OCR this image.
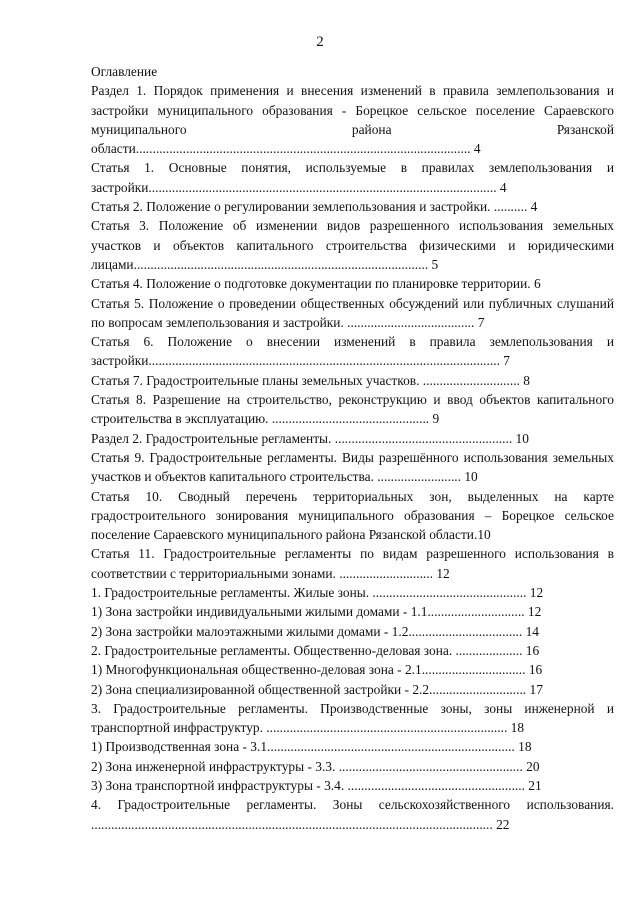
2

Оглавление

Раздел 1. Порядок применения и внесения изменений в правила землепользования и застройки муниципального образования - Борецкое сельское поселение Сараевского муниципального района Рязанской области.................................................................................................... 4

Статья 1. Основные понятия, используемые в правилах землепользования и застройки........................................................................................................ 4

Статья 2. Положение о регулировании землепользования и застройки. .......... 4

Статья 3. Положение об изменении видов разрешенного использования земельных участков и объектов капитального строительства физическими и юридическими лицами........................................................................................ 5

Статья 4. Положение о подготовке документации по планировке территории. 6

Статья 5. Положение о проведении общественных обсуждений или публичных слушаний по вопросам землепользования и застройки. ...................................... 7

Статья 6. Положение о внесении изменений в правила землепользования и застройки......................................................................................................... 7

Статья 7. Градостроительные планы земельных участков. ............................. 8

Статья 8. Разрешение на строительство, реконструкцию и ввод объектов капитального строительства в эксплуатацию. ............................................... 9

Раздел 2. Градостроительные регламенты. ..................................................... 10

Статья 9. Градостроительные регламенты. Виды разрешённого использования земельных участков и объектов капитального строительства. ......................... 10

Статья 10. Сводный перечень территориальных зон, выделенных на карте градостроительного зонирования муниципального образования – Борецкое сельское поселение Сараевского муниципального района Рязанской области.10

Статья 11. Градостроительные регламенты по видам разрешенного использования в соответствии с территориальными зонами. ............................ 12

1. Градостроительные регламенты. Жилые зоны. .............................................. 12

1) Зона застройки индивидуальными жилыми домами - 1.1............................. 12

2) Зона застройки малоэтажными жилыми домами - 1.2.................................. 14

2. Градостроительные регламенты. Общественно-деловая зона. .................... 16

1) Многофункциональная общественно-деловая зона - 2.1............................... 16

2) Зона специализированной общественной застройки - 2.2............................. 17

3. Градостроительные регламенты. Производственные зоны, зоны инженерной и транспортной инфраструктур. ........................................................................ 18

1) Производственная зона - 3.1.......................................................................... 18

2) Зона инженерной инфраструктуры - 3.3. ....................................................... 20

3) Зона транспортной инфраструктуры - 3.4. ..................................................... 21

4. Градостроительные регламенты. Зоны сельскохозяйственного использования. ........................................................................................................................ 22
